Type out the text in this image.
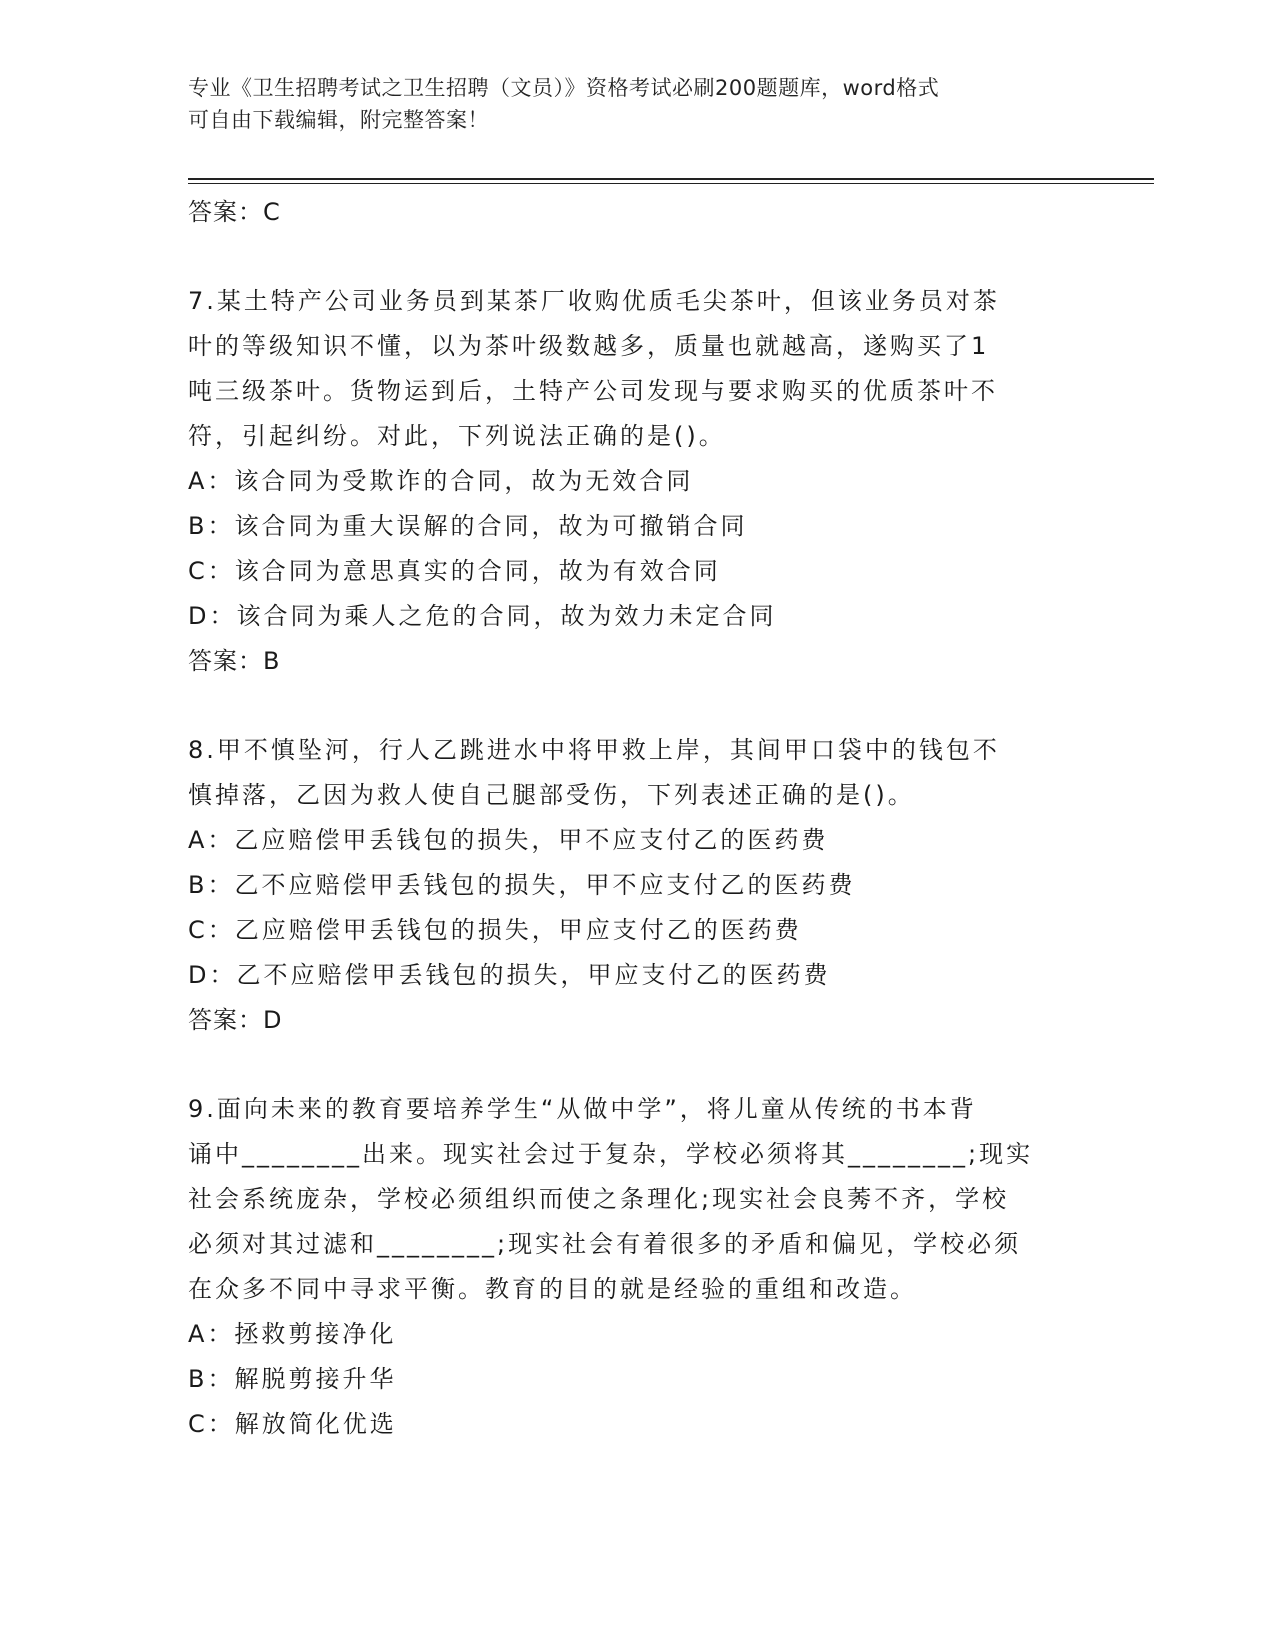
专业《卫生招聘考试之卫生招聘（文员）》资格考试必刷200题题库，word格式
可自由下载编辑，附完整答案！
答案：C
7.某土特产公司业务员到某茶厂收购优质毛尖茶叶，但该业务员对茶
叶的等级知识不懂，以为茶叶级数越多，质量也就越高，遂购买了1
吨三级茶叶。货物运到后，土特产公司发现与要求购买的优质茶叶不
符，引起纠纷。对此，下列说法正确的是()。
A：该合同为受欺诈的合同，故为无效合同
B：该合同为重大误解的合同，故为可撤销合同
C：该合同为意思真实的合同，故为有效合同
D：该合同为乘人之危的合同，故为效力未定合同
答案：B
8.甲不慎坠河，行人乙跳进水中将甲救上岸，其间甲口袋中的钱包不
慎掉落，乙因为救人使自己腿部受伤，下列表述正确的是()。
A：乙应赔偿甲丢钱包的损失，甲不应支付乙的医药费
B：乙不应赔偿甲丢钱包的损失，甲不应支付乙的医药费
C：乙应赔偿甲丢钱包的损失，甲应支付乙的医药费
D：乙不应赔偿甲丢钱包的损失，甲应支付乙的医药费
答案：D
9.面向未来的教育要培养学生“从做中学”，将儿童从传统的书本背
诵中________出来。现实社会过于复杂，学校必须将其________;现实
社会系统庞杂，学校必须组织而使之条理化;现实社会良莠不齐，学校
必须对其过滤和________;现实社会有着很多的矛盾和偏见，学校必须
在众多不同中寻求平衡。教育的目的就是经验的重组和改造。
A：拯救剪接净化
B：解脱剪接升华
C：解放简化优选
